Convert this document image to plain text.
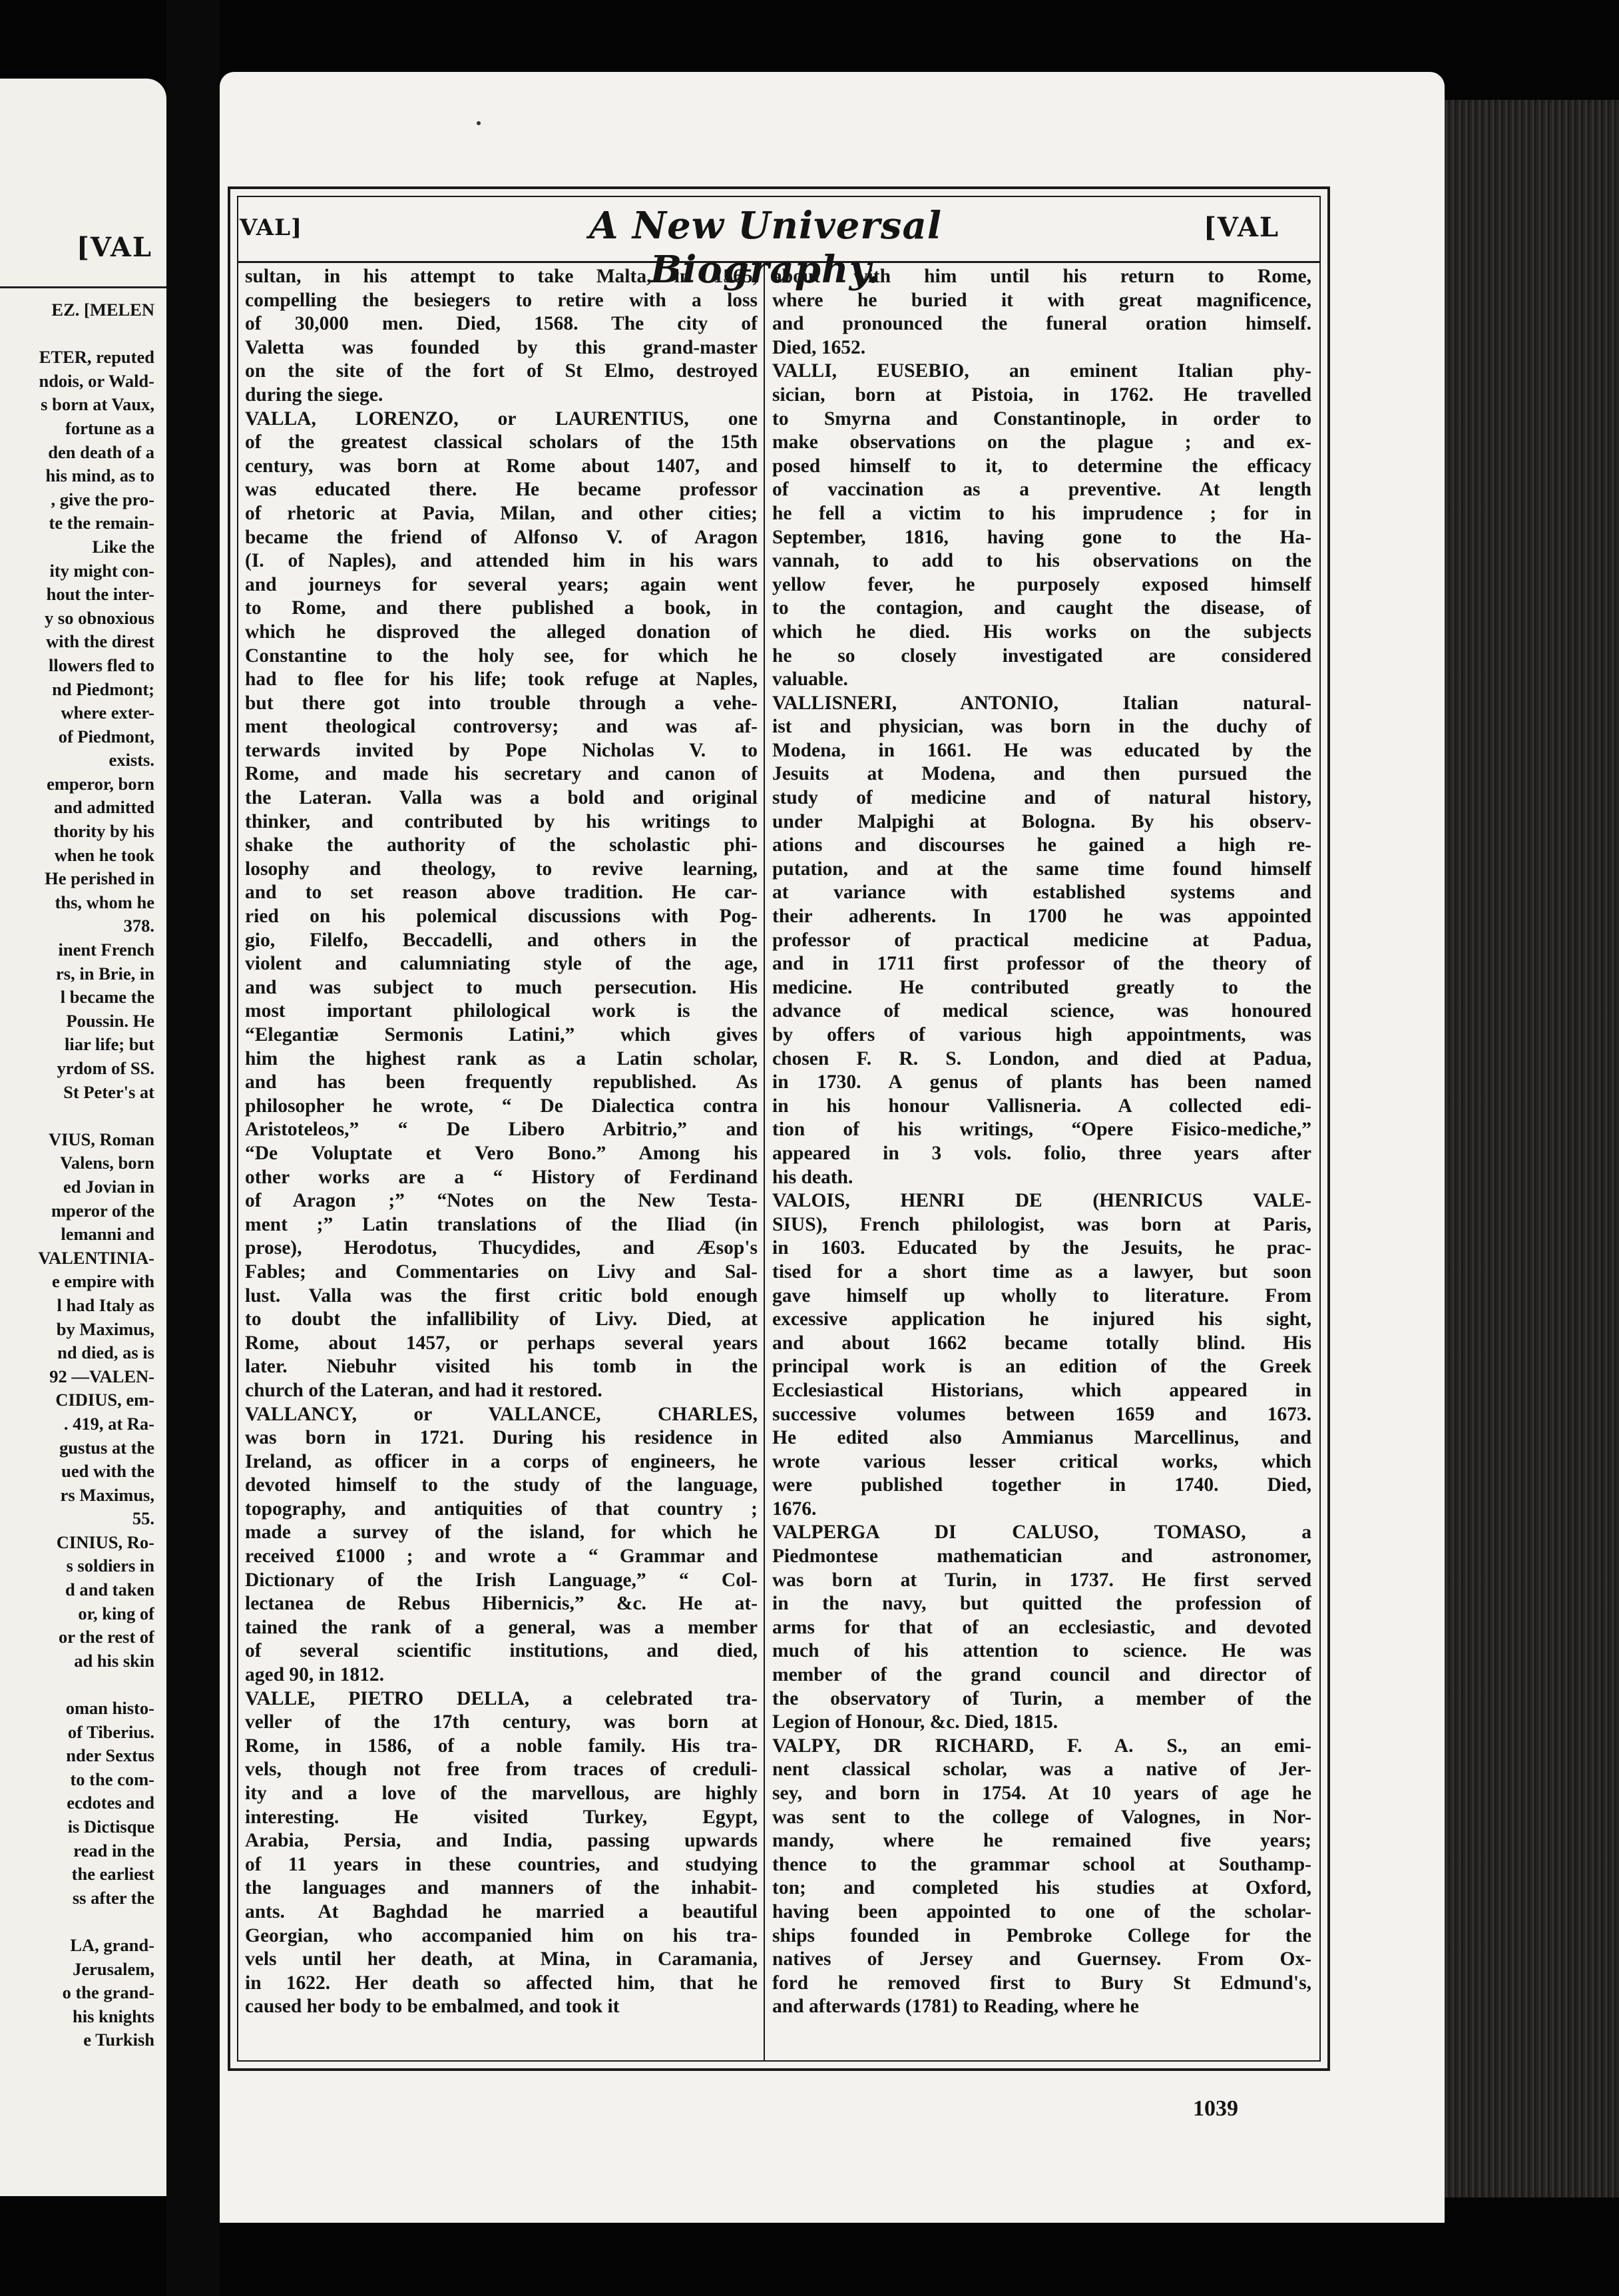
[VAL
EZ. [MELEN
ETER, reputed
ndois, or Wald-
s born at Vaux,
fortune as a
den death of a
his mind, as to
, give the pro-
te the remain-
Like the
ity might con-
hout the inter-
y so obnoxious
with the direst
llowers fled to
nd Piedmont;
where exter-
of Piedmont,
exists.
emperor, born
and admitted
thority by his
when he took
He perished in
ths, whom he
378.
inent French
rs, in Brie, in
l became the
Poussin. He
liar life; but
yrdom of SS.
St Peter's at
VIUS, Roman
Valens, born
ed Jovian in
mperor of the
lemanni and
VALENTINIA-
e empire with
l had Italy as
by Maximus,
nd died, as is
92 —VALEN-
CIDIUS, em-
. 419, at Ra-
gustus at the
ued with the
rs Maximus,
55.
CINIUS, Ro-
s soldiers in
d and taken
or, king of
or the rest of
ad his skin
oman histo-
of Tiberius.
nder Sextus
to the com-
ecdotes and
is Dictisque
read in the
the earliest
ss after the
LA, grand-
Jerusalem,
o the grand-
his knights
e Turkish
VAL]	A New Universal Biography.
[VAL
sultan, in his attempt to take Malta, in 1565,
compelling the besiegers to retire with a loss
of 30,000 men. Died, 1568. The city of
Valetta was founded by this grand-master
on the site of the fort of St Elmo, destroyed
during the siege.
VALLA, LORENZO, or LAURENTIUS, one
of the greatest classical scholars of the 15th
century, was born at Rome about 1407, and
was educated there. He became professor
of rhetoric at Pavia, Milan, and other cities;
became the friend of Alfonso V. of Aragon
(I. of Naples), and attended him in his wars
and journeys for several years; again went
to Rome, and there published a book, in
which he disproved the alleged donation of
Constantine to the holy see, for which he
had to flee for his life; took refuge at Naples,
but there got into trouble through a vehe-
ment theological controversy; and was af-
terwards invited by Pope Nicholas V. to
Rome, and made his secretary and canon of
the Lateran. Valla was a bold and original
thinker, and contributed by his writings to
shake the authority of the scholastic phi-
losophy and theology, to revive learning,
and to set reason above tradition. He car-
ried on his polemical discussions with Pog-
gio, Filelfo, Beccadelli, and others in the
violent and calumniating style of the age,
and was subject to much persecution. His
most important philological work is the
“Elegantiæ Sermonis Latini,” which gives
him the highest rank as a Latin scholar,
and has been frequently republished. As
philosopher he wrote, “ De Dialectica contra
Aristoteleos,” “ De Libero Arbitrio,” and
“De Voluptate et Vero Bono.” Among his
other works are a “ History of Ferdinand
of Aragon ;” “Notes on the New Testa-
ment ;” Latin translations of the Iliad (in
prose), Herodotus, Thucydides, and Æsop's
Fables; and Commentaries on Livy and Sal-
lust. Valla was the first critic bold enough
to doubt the infallibility of Livy. Died, at
Rome, about 1457, or perhaps several years
later. Niebuhr visited his tomb in the
church of the Lateran, and had it restored.
VALLANCY, or VALLANCE, CHARLES,
was born in 1721. During his residence in
Ireland, as officer in a corps of engineers, he
devoted himself to the study of the language,
topography, and antiquities of that country ;
made a survey of the island, for which he
received £1000 ; and wrote a “ Grammar and
Dictionary of the Irish Language,” “ Col-
lectanea de Rebus Hibernicis,” &c. He at-
tained the rank of a general, was a member
of several scientific institutions, and died,
aged 90, in 1812.
VALLE, PIETRO DELLA, a celebrated tra-
veller of the 17th century, was born at
Rome, in 1586, of a noble family. His tra-
vels, though not free from traces of creduli-
ity and a love of the marvellous, are highly
interesting. He visited Turkey, Egypt,
Arabia, Persia, and India, passing upwards
of 11 years in these countries, and studying
the languages and manners of the inhabit-
ants. At Baghdad he married a beautiful
Georgian, who accompanied him on his tra-
vels until her death, at Mina, in Caramania,
in 1622. Her death so affected him, that he
caused her body to be embalmed, and took it
about with him until his return to Rome,
where he buried it with great magnificence,
and pronounced the funeral oration himself.
Died, 1652.
VALLI, EUSEBIO, an eminent Italian phy-
sician, born at Pistoia, in 1762. He travelled
to Smyrna and Constantinople, in order to
make observations on the plague ; and ex-
posed himself to it, to determine the efficacy
of vaccination as a preventive. At length
he fell a victim to his imprudence ; for in
September, 1816, having gone to the Ha-
vannah, to add to his observations on the
yellow fever, he purposely exposed himself
to the contagion, and caught the disease, of
which he died. His works on the subjects
he so closely investigated are considered
valuable.
VALLISNERI, ANTONIO, Italian natural-
ist and physician, was born in the duchy of
Modena, in 1661. He was educated by the
Jesuits at Modena, and then pursued the
study of medicine and of natural history,
under Malpighi at Bologna. By his observ-
ations and discourses he gained a high re-
putation, and at the same time found himself
at variance with established systems and
their adherents. In 1700 he was appointed
professor of practical medicine at Padua,
and in 1711 first professor of the theory of
medicine. He contributed greatly to the
advance of medical science, was honoured
by offers of various high appointments, was
chosen F. R. S. London, and died at Padua,
in 1730. A genus of plants has been named
in his honour Vallisneria. A collected edi-
tion of his writings, “Opere Fisico-mediche,”
appeared in 3 vols. folio, three years after
his death.
VALOIS, HENRI DE (HENRICUS VALE-
SIUS), French philologist, was born at Paris,
in 1603. Educated by the Jesuits, he prac-
tised for a short time as a lawyer, but soon
gave himself up wholly to literature. From
excessive application he injured his sight,
and about 1662 became totally blind. His
principal work is an edition of the Greek
Ecclesiastical Historians, which appeared in
successive volumes between 1659 and 1673.
He edited also Ammianus Marcellinus, and
wrote various lesser critical works, which
were published together in 1740. Died,
1676.
VALPERGA DI CALUSO, TOMASO, a
Piedmontese mathematician and astronomer,
was born at Turin, in 1737. He first served
in the navy, but quitted the profession of
arms for that of an ecclesiastic, and devoted
much of his attention to science. He was
member of the grand council and director of
the observatory of Turin, a member of the
Legion of Honour, &c. Died, 1815.
VALPY, DR RICHARD, F. A. S., an emi-
nent classical scholar, was a native of Jer-
sey, and born in 1754. At 10 years of age he
was sent to the college of Valognes, in Nor-
mandy, where he remained five years;
thence to the grammar school at Southamp-
ton; and completed his studies at Oxford,
having been appointed to one of the scholar-
ships founded in Pembroke College for the
natives of Jersey and Guernsey. From Ox-
ford he removed first to Bury St Edmund's,
and afterwards (1781) to Reading, where he
1039
